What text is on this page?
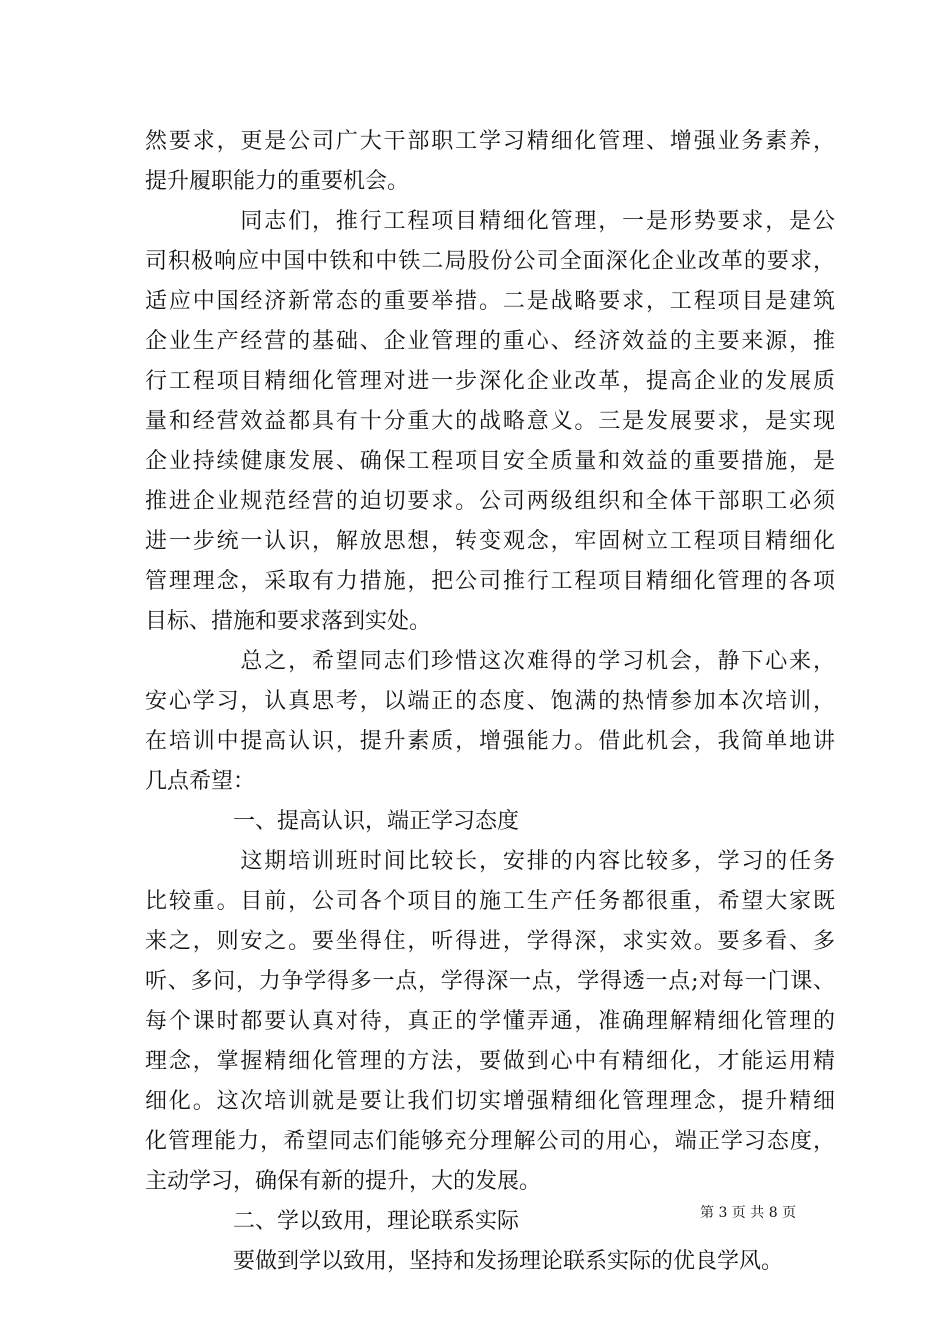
然要求，更是公司广大干部职工学习精细化管理、增强业务素养，
提升履职能力的重要机会。
　　　　同志们，推行工程项目精细化管理，一是形势要求，是公
司积极响应中国中铁和中铁二局股份公司全面深化企业改革的要求，
适应中国经济新常态的重要举措。二是战略要求，工程项目是建筑
企业生产经营的基础、企业管理的重心、经济效益的主要来源，推
行工程项目精细化管理对进一步深化企业改革，提高企业的发展质
量和经营效益都具有十分重大的战略意义。三是发展要求，是实现
企业持续健康发展、确保工程项目安全质量和效益的重要措施，是
推进企业规范经营的迫切要求。公司两级组织和全体干部职工必须
进一步统一认识，解放思想，转变观念，牢固树立工程项目精细化
管理理念，采取有力措施，把公司推行工程项目精细化管理的各项
目标、措施和要求落到实处。
　　　　总之，希望同志们珍惜这次难得的学习机会，静下心来，
安心学习，认真思考，以端正的态度、饱满的热情参加本次培训，
在培训中提高认识，提升素质，增强能力。借此机会，我简单地讲
几点希望：
　　　　一、提高认识，端正学习态度
　　　　这期培训班时间比较长，安排的内容比较多，学习的任务
比较重。目前，公司各个项目的施工生产任务都很重，希望大家既
来之，则安之。要坐得住，听得进，学得深，求实效。要多看、多
听、多问，力争学得多一点，学得深一点，学得透一点;对每一门课、
每个课时都要认真对待，真正的学懂弄通，准确理解精细化管理的
理念，掌握精细化管理的方法，要做到心中有精细化，才能运用精
细化。这次培训就是要让我们切实增强精细化管理理念，提升精细
化管理能力，希望同志们能够充分理解公司的用心，端正学习态度，
主动学习，确保有新的提升，大的发展。
　　　　二、学以致用，理论联系实际
　　　　要做到学以致用，坚持和发扬理论联系实际的优良学风。
第 3 页 共 8 页
